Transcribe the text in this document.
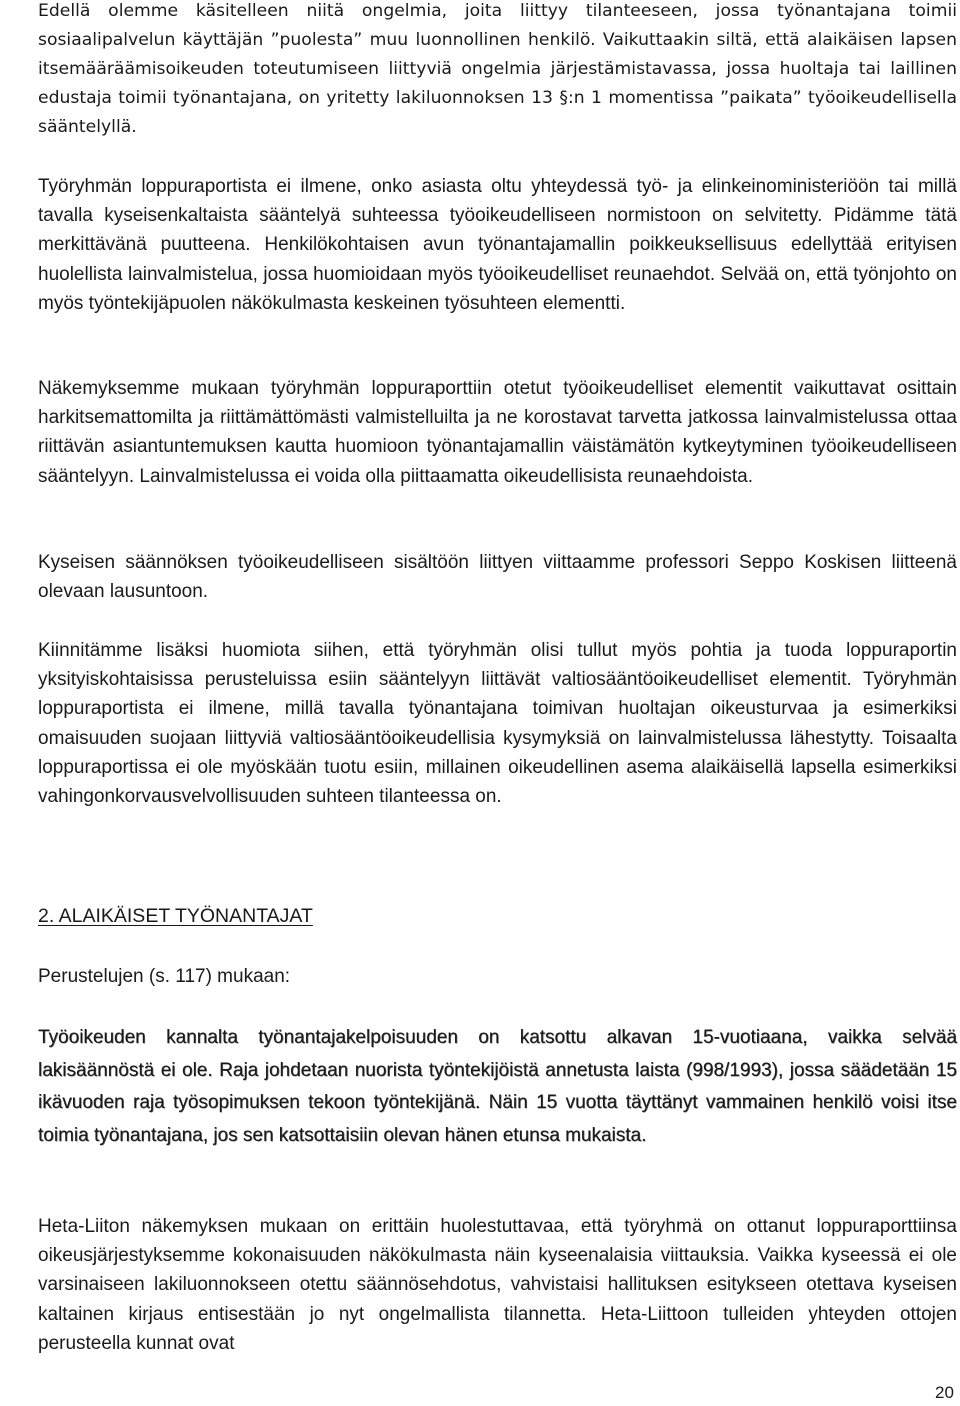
Edellä olemme käsitelleen niitä ongelmia, joita liittyy tilanteeseen, jossa työnantajana toimii sosiaalipalvelun käyttäjän ”puolesta” muu luonnollinen henkilö. Vaikuttaakin siltä, että alaikäisen lapsen itsemääräämisoikeuden toteutumiseen liittyviä ongelmia järjestämistavassa, jossa huoltaja tai laillinen edustaja toimii työnantajana, on yritetty lakiluonnoksen 13 §:n 1 momentissa ”paikata” työoikeudellisella sääntelyllä.

Työryhmän loppuraportista ei ilmene, onko asiasta oltu yhteydessä työ- ja elinkeinoministeriöön tai millä tavalla kyseisenkaltaista sääntelyä suhteessa työoikeudelliseen normistoon on selvitetty. Pidämme tätä merkittävänä puutteena. Henkilökohtaisen avun työnantajamallin poikkeuksellisuus edellyttää erityisen huolellista lainvalmistelua, jossa huomioidaan myös työoikeudelliset reunaehdot. Selvää on, että työnjohto on myös työntekijäpuolen näkökulmasta keskeinen työsuhteen elementti.

Näkemyksemme mukaan työryhmän loppuraporttiin otetut työoikeudelliset elementit vaikuttavat osittain harkitsemattomilta ja riittämättömästi valmistelluilta ja ne korostavat tarvetta jatkossa lainvalmistelussa ottaa riittävän asiantuntemuksen kautta huomioon työnantajamallin väistämätön kytkeytyminen työoikeudelliseen sääntelyyn. Lainvalmistelussa ei voida olla piittaamatta oikeudellisista reunaehdoista.

Kyseisen säännöksen työoikeudelliseen sisältöön liittyen viittaamme professori Seppo Koskisen liitteenä olevaan lausuntoon.

Kiinnitämme lisäksi huomiota siihen, että työryhmän olisi tullut myös pohtia ja tuoda loppuraportin yksityiskohtaisissa perusteluissa esiin sääntelyyn liittävät valtiosääntöoikeudelliset elementit. Työryhmän loppuraportista ei ilmene, millä tavalla työnantajana toimivan huoltajan oikeusturvaa ja esimerkiksi omaisuuden suojaan liittyviä valtiosääntöoikeudellisia kysymyksiä on lainvalmistelussa lähestytty. Toisaalta loppuraportissa ei ole myöskään tuotu esiin, millainen oikeudellinen asema alaikäisellä lapsella esimerkiksi vahingonkorvausvelvollisuuden suhteen tilanteessa on.

2. ALAIKÄISET TYÖNANTAJAT

Perustelujen (s. 117) mukaan:

Työoikeuden kannalta työnantajakelpoisuuden on katsottu alkavan 15-vuotiaana, vaikka selvää lakisäännöstä ei ole. Raja johdetaan nuorista työntekijöistä annetusta laista (998/1993), jossa säädetään 15 ikävuoden raja työsopimuksen tekoon työntekijänä. Näin 15 vuotta täyttänyt vammainen henkilö voisi itse toimia työnantajana, jos sen katsottaisiin olevan hänen etunsa mukaista.

Heta-Liiton näkemyksen mukaan on erittäin huolestuttavaa, että työryhmä on ottanut loppuraporttiinsa oikeusjärjestyksemme kokonaisuuden näkökulmasta näin kyseenalaisia viittauksia. Vaikka kyseessä ei ole varsinaiseen lakiluonnokseen otettu säännösehdotus, vahvistaisi hallituksen esitykseen otettava kyseisen kaltainen kirjaus entisestään jo nyt ongelmallista tilannetta. Heta-Liittoon tulleiden yhteyden ottojen perusteella kunnat ovat

20
